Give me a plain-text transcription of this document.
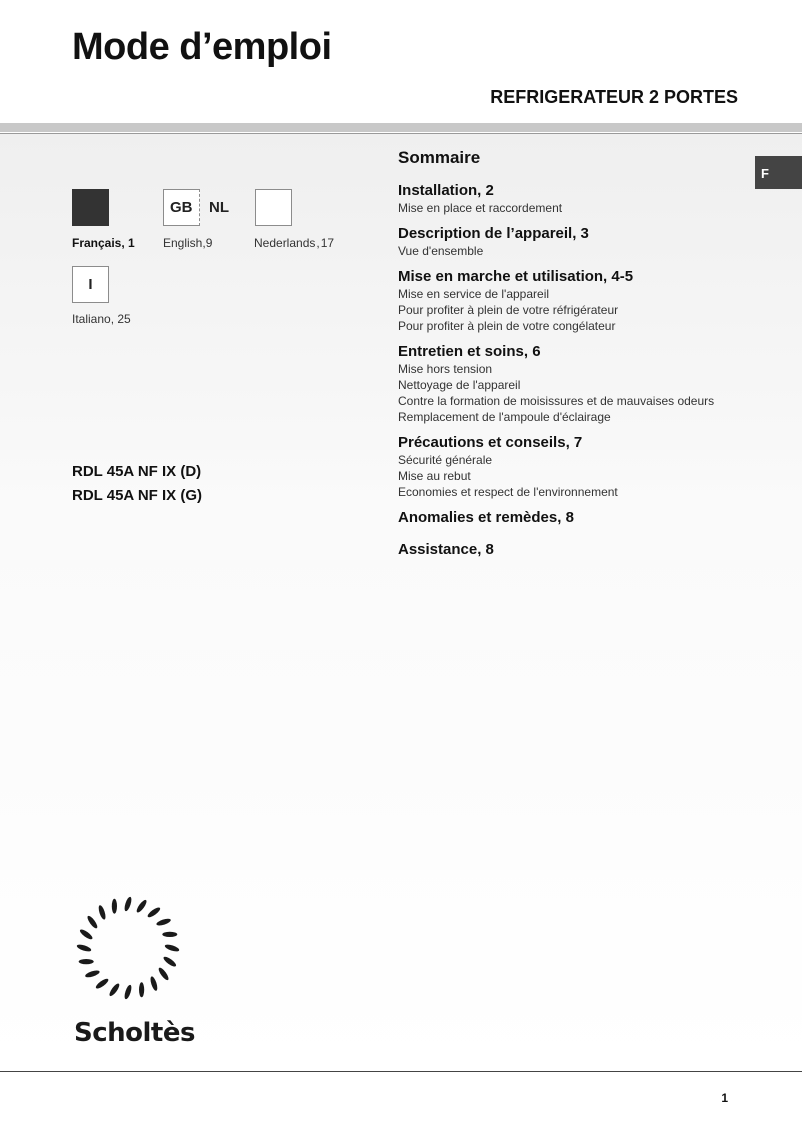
Mode d’emploi
REFRIGERATEUR 2 PORTES
F
Français, 1
GB NL
English,9	Nederlands , 17
I
Italiano, 25
RDL 45A NF IX (D)
RDL 45A NF IX (G)
Sommaire
Installation, 2
Mise en place et raccordement
Description de l’appareil, 3
Vue d'ensemble
Mise en marche et utilisation, 4-5
Mise en service de l'appareil
Pour profiter à plein de votre réfrigérateur
Pour profiter à plein de votre congélateur
Entretien et soins, 6
Mise hors tension
Nettoyage de l'appareil
Contre la formation de moisissures et de mauvaises odeurs
Remplacement de l'ampoule d'éclairage
Précautions et conseils, 7
Sécurité générale
Mise au rebut
Economies et respect de l'environnement
Anomalies et remèdes, 8
Assistance, 8
Scholtès
1
